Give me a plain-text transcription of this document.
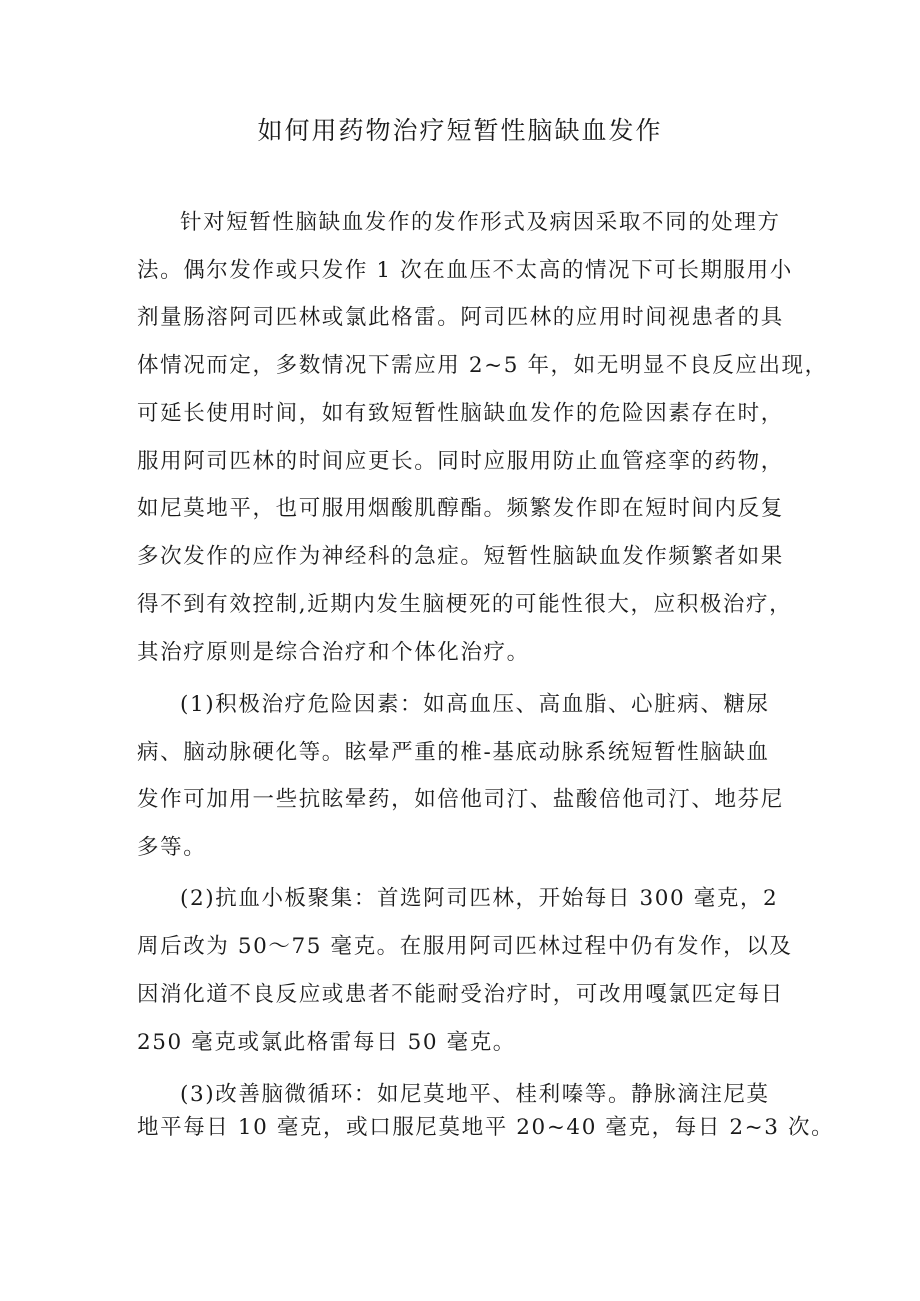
如何用药物治疗短暂性脑缺血发作

针对短暂性脑缺血发作的发作形式及病因采取不同的处理方

法。偶尔发作或只发作 1 次在血压不太高的情况下可长期服用小

剂量肠溶阿司匹林或氯此格雷。阿司匹林的应用时间视患者的具

体情况而定，多数情况下需应用 2~5 年，如无明显不良反应出现，

可延长使用时间，如有致短暂性脑缺血发作的危险因素存在时，

服用阿司匹林的时间应更长。同时应服用防止血管痉挛的药物，

如尼莫地平，也可服用烟酸肌醇酯。频繁发作即在短时间内反复

多次发作的应作为神经科的急症。短暂性脑缺血发作频繁者如果

得不到有效控制,近期内发生脑梗死的可能性很大，应积极治疗，

其治疗原则是综合治疗和个体化治疗。

(1)积极治疗危险因素：如高血压、高血脂、心脏病、糖尿

病、脑动脉硬化等。眩晕严重的椎-基底动脉系统短暂性脑缺血

发作可加用一些抗眩晕药，如倍他司汀、盐酸倍他司汀、地芬尼

多等。

(2)抗血小板聚集：首选阿司匹林，开始每日 300 毫克，2

周后改为 50～75 毫克。在服用阿司匹林过程中仍有发作，以及

因消化道不良反应或患者不能耐受治疗时，可改用嘎氯匹定每日

250 毫克或氯此格雷每日 50 毫克。

(3)改善脑微循环：如尼莫地平、桂利嗪等。静脉滴注尼莫

地平每日 10 毫克，或口服尼莫地平 20~40 毫克，每日 2~3 次。
